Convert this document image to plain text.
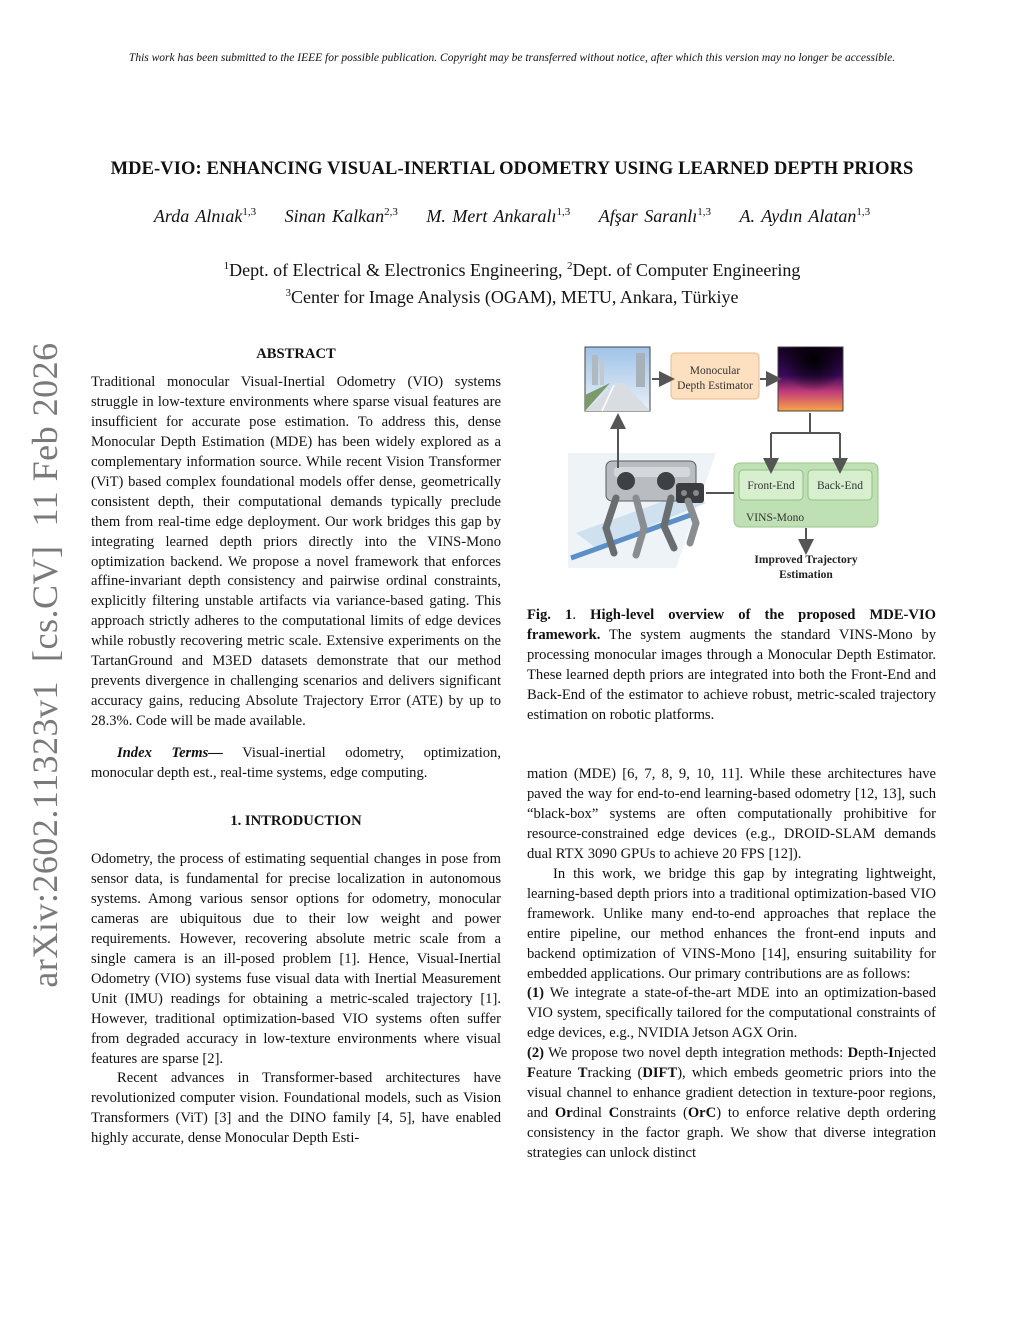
This work has been submitted to the IEEE for possible publication. Copyright may be transferred without notice, after which this version may no longer be accessible.
arXiv:2602.11323v1  [cs.CV]  11 Feb 2026
MDE-VIO: ENHANCING VISUAL-INERTIAL ODOMETRY USING LEARNED DEPTH PRIORS
Arda Alnıak$^{1,3}$ Sinan Kalkan$^{2,3}$ M. Mert Ankaralı$^{1,3}$ Afşar Saranlı$^{1,3}$ A. Aydın Alatan$^{1,3}$
$^1$Dept. of Electrical & Electronics Engineering, $^2$Dept. of Computer Engineering
$^3$Center for Image Analysis (OGAM), METU, Ankara, Türkiye

ABSTRACT

Traditional monocular Visual-Inertial Odometry (VIO) systems struggle in low-texture environments where sparse visual features are insufficient for accurate pose estimation. To address this, dense Monocular Depth Estimation (MDE) has been widely explored as a complementary information source. While recent Vision Transformer (ViT) based complex foundational models offer dense, geometrically consistent depth, their computational demands typically preclude them from real-time edge deployment. Our work bridges this gap by integrating learned depth priors directly into the VINS-Mono optimization backend. We propose a novel framework that enforces affine-invariant depth consistency and pairwise ordinal constraints, explicitly filtering unstable artifacts via variance-based gating. This approach strictly adheres to the computational limits of edge devices while robustly recovering metric scale. Extensive experiments on the TartanGround and M3ED datasets demonstrate that our method prevents divergence in challenging scenarios and delivers significant accuracy gains, reducing Absolute Trajectory Error (ATE) by up to 28.3%. Code will be made available.

Index Terms— Visual-inertial odometry, optimization, monocular depth est., real-time systems, edge computing.

1. INTRODUCTION

Odometry, the process of estimating sequential changes in pose from sensor data, is fundamental for precise localization in autonomous systems. Among various sensor options for odometry, monocular cameras are ubiquitous due to their low weight and power requirements. However, recovering absolute metric scale from a single camera is an ill-posed problem [1]. Hence, Visual-Inertial Odometry (VIO) systems fuse visual data with Inertial Measurement Unit (IMU) readings for obtaining a metric-scaled trajectory [1]. However, traditional optimization-based VIO systems often suffer from degraded accuracy in low-texture environments where visual features are sparse [2].

Recent advances in Transformer-based architectures have revolutionized computer vision. Foundational models, such as Vision Transformers (ViT) [3] and the DINO family [4, 5], have enabled highly accurate, dense Monocular Depth Esti-

Monocular
Depth Estimator
Front-End Back-End
VINS-Mono
Improved Trajectory
Estimation
Fig. 1. High-level overview of the proposed MDE-VIO framework. The system augments the standard VINS-Mono by processing monocular images through a Monocular Depth Estimator. These learned depth priors are integrated into both the Front-End and Back-End of the estimator to achieve robust, metric-scaled trajectory estimation on robotic platforms.

mation (MDE) [6, 7, 8, 9, 10, 11]. While these architectures have paved the way for end-to-end learning-based odometry [12, 13], such “black-box” systems are often computationally prohibitive for resource-constrained edge devices (e.g., DROID-SLAM demands dual RTX 3090 GPUs to achieve 20 FPS [12]).

In this work, we bridge this gap by integrating lightweight, learning-based depth priors into a traditional optimization-based VIO framework. Unlike many end-to-end approaches that replace the entire pipeline, our method enhances the front-end inputs and backend optimization of VINS-Mono [14], ensuring suitability for embedded applications. Our primary contributions are as follows:

(1) We integrate a state-of-the-art MDE into an optimization-based VIO system, specifically tailored for the computational constraints of edge devices, e.g., NVIDIA Jetson AGX Orin.

(2) We propose two novel depth integration methods: Depth-Injected Feature Tracking (DIFT), which embeds geometric priors into the visual channel to enhance gradient detection in texture-poor regions, and Ordinal Constraints (OrC) to enforce relative depth ordering consistency in the factor graph. We show that diverse integration strategies can unlock distinct
